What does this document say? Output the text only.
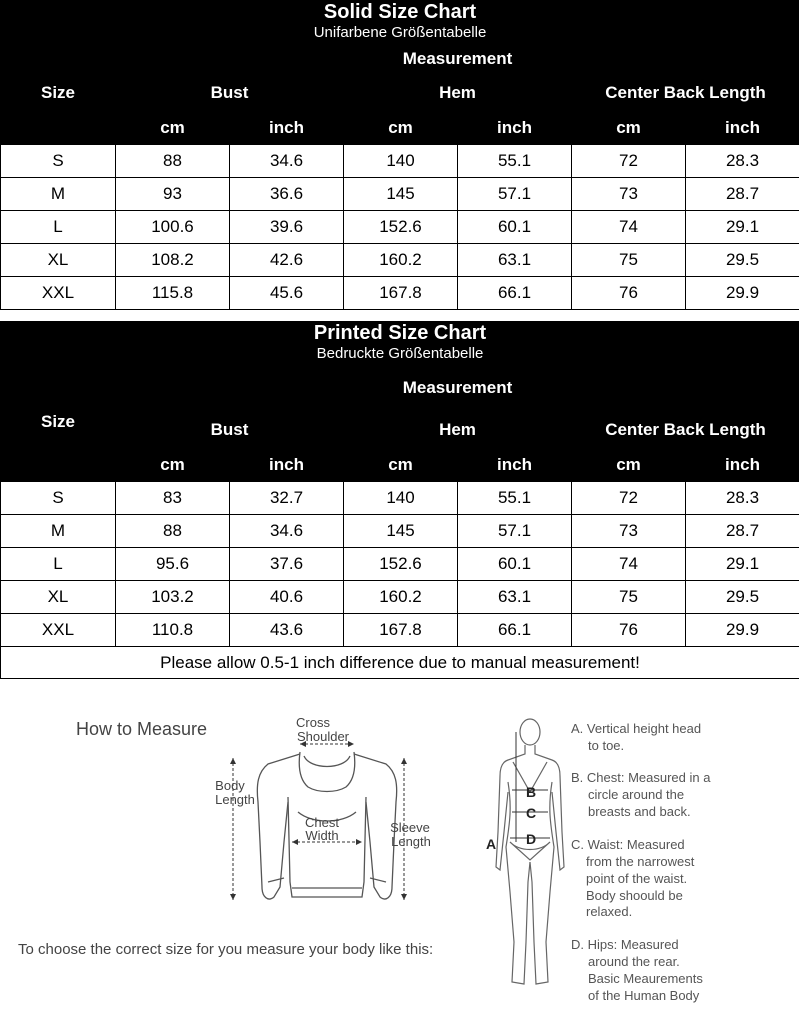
Solid Size Chart
Unifarbene Größentabelle						

Size	Measurement					
	Bust		Hem		Center Back Length	
	cm	inch	cm	inch	cm	inch
S	88	34.6	140	55.1	72	28.3
M	93	36.6	145	57.1	73	28.7
L	100.6	39.6	152.6	60.1	74	29.1
XL	108.2	42.6	160.2	63.1	75	29.5
XXL	115.8	45.6	167.8	66.1	76	29.9
Printed Size Chart
Bedruckte Größentabelle						

Size	Measurement					
	Bust		Hem		Center Back Length	
	cm	inch	cm	inch	cm	inch
S	83	32.7	140	55.1	72	28.3
M	88	34.6	145	57.1	73	28.7
L	95.6	37.6	152.6	60.1	74	29.1
XL	103.2	40.6	160.2	63.1	75	29.5
XXL	110.8	43.6	167.8	66.1	76	29.9
Please allow 0.5-1 inch difference due to manual measurement!						
How to Measure	Cross
Shoulder
Body
Length
Chest
Width
Sleeve
Length	A
B
C
D
A. Vertical height head
to toe.
B. Chest: Measured in a
circle around the
breasts and back.
C. Waist: Measured
from the narrowest
point of the waist.
Body shoould be
relaxed.
D. Hips: Measured
around the rear.
Basic Meaurements
of the Human Body
To choose the correct size for you measure your body like this:
